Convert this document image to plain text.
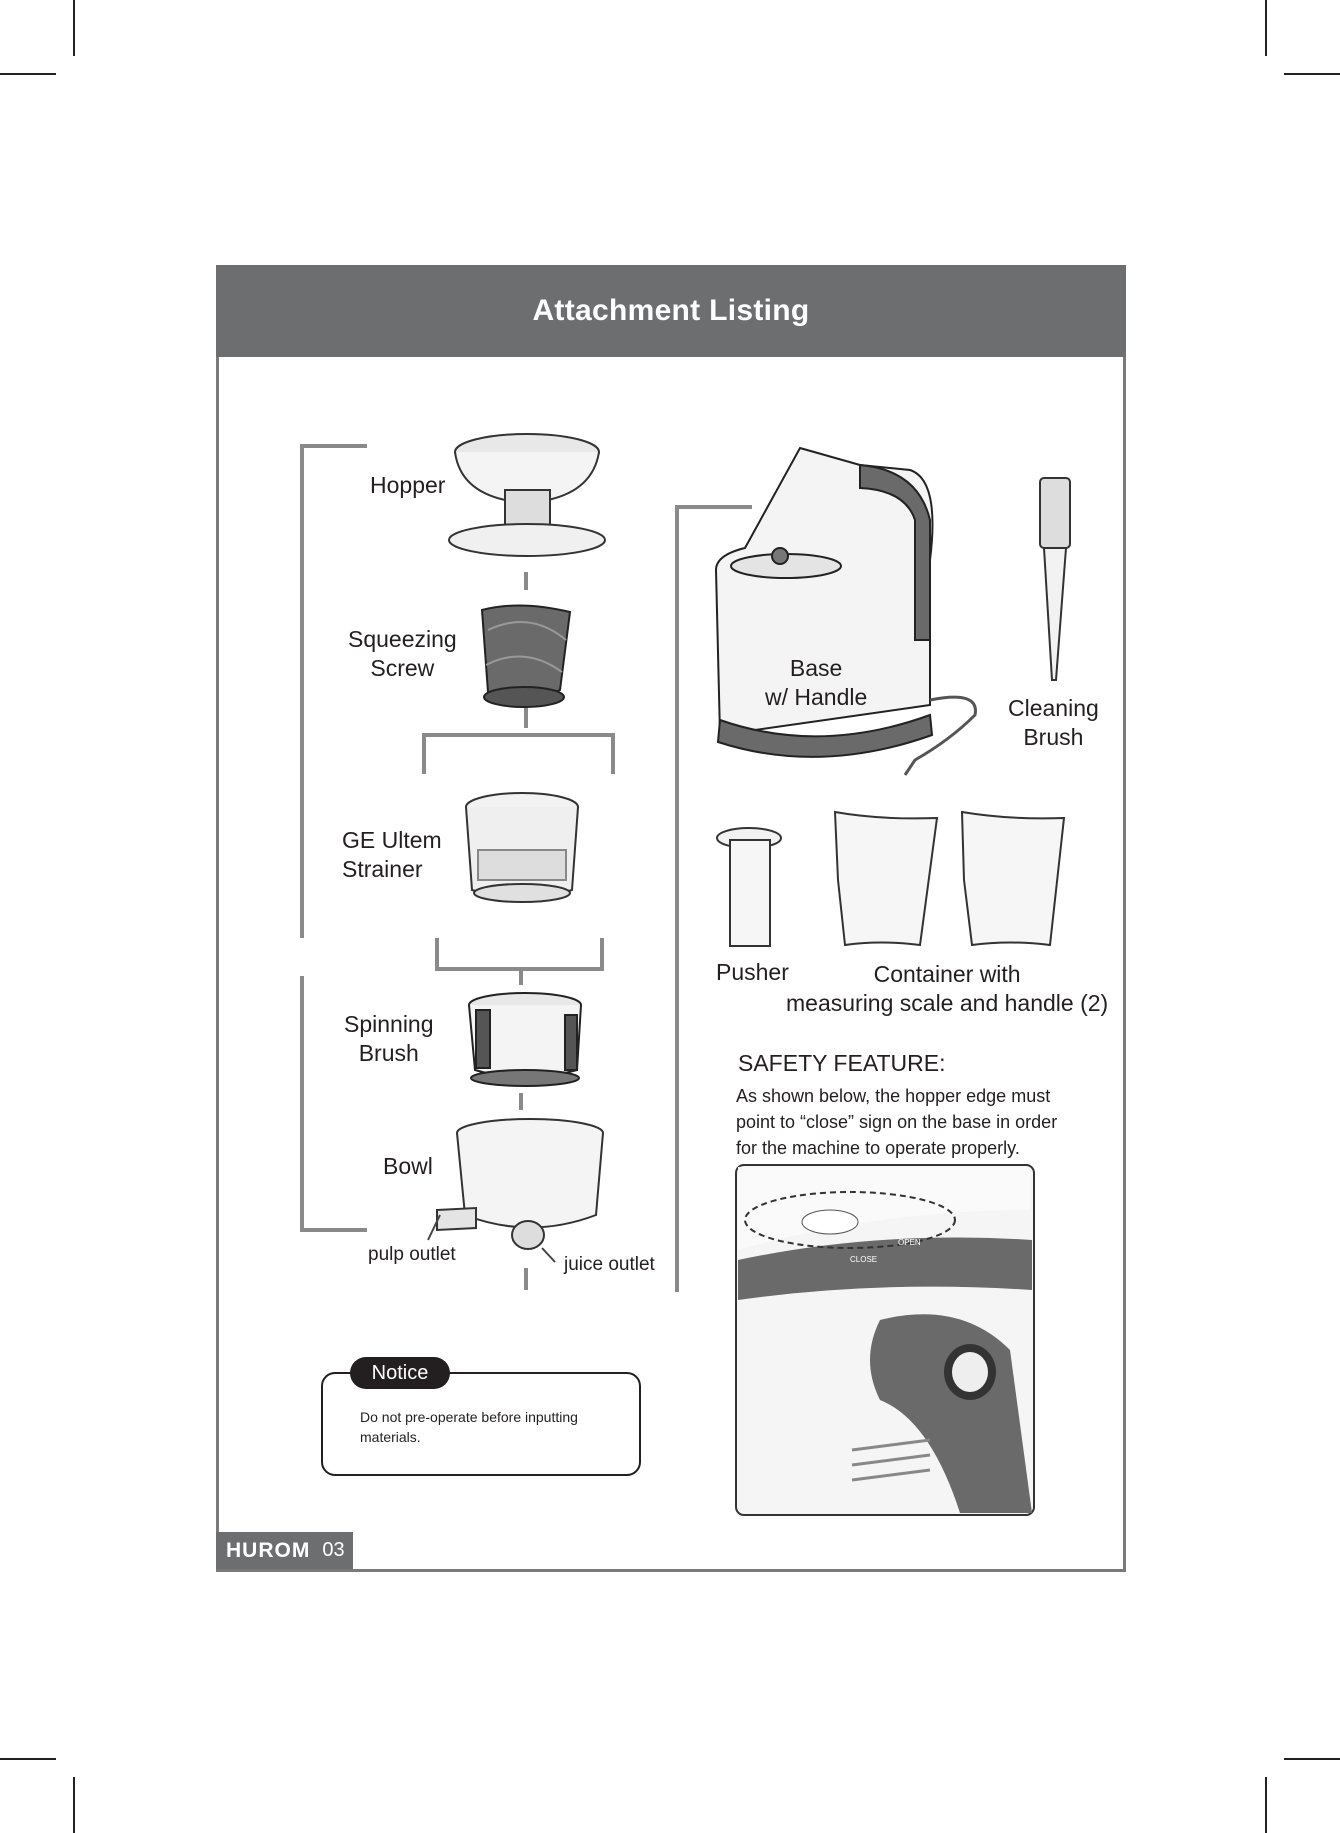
Attachment Listing
CLOSE
OPEN
Hopper
Squeezing
Screw
GE Ultem
Strainer
Spinning
Brush
Bowl
pulp outlet	juice outlet
Base
w/ Handle	Cleaning
Brush
Pusher	Container with
measuring scale and handle (2)
SAFETY FEATURE:
As shown below, the hopper edge must point to “close” sign on the base in order for the machine to operate properly.
Notice
Do not pre-operate before inputting materials.
HUROM 03
